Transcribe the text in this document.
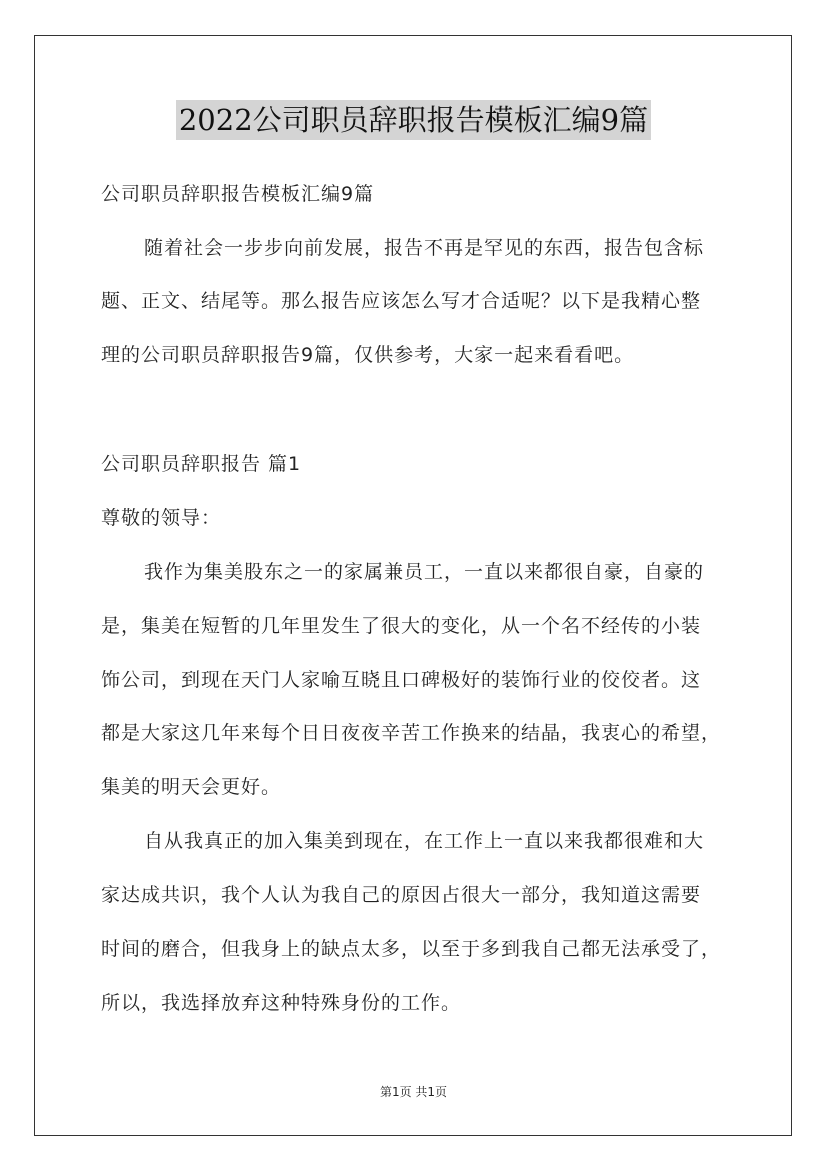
2022公司职员辞职报告模板汇编9篇
公司职员辞职报告模板汇编9篇
随着社会一步步向前发展，报告不再是罕见的东西，报告包含标
题、正文、结尾等。那么报告应该怎么写才合适呢？以下是我精心整
理的公司职员辞职报告9篇，仅供参考，大家一起来看看吧。
公司职员辞职报告 篇1
尊敬的领导：
我作为集美股东之一的家属兼员工，一直以来都很自豪，自豪的
是，集美在短暂的几年里发生了很大的变化，从一个名不经传的小装
饰公司，到现在天门人家喻互晓且口碑极好的装饰行业的佼佼者。这
都是大家这几年来每个日日夜夜辛苦工作换来的结晶，我衷心的希望，
集美的明天会更好。
自从我真正的加入集美到现在，在工作上一直以来我都很难和大
家达成共识，我个人认为我自己的原因占很大一部分，我知道这需要
时间的磨合，但我身上的缺点太多，以至于多到我自己都无法承受了，
所以，我选择放弃这种特殊身份的工作。
第1页 共1页
